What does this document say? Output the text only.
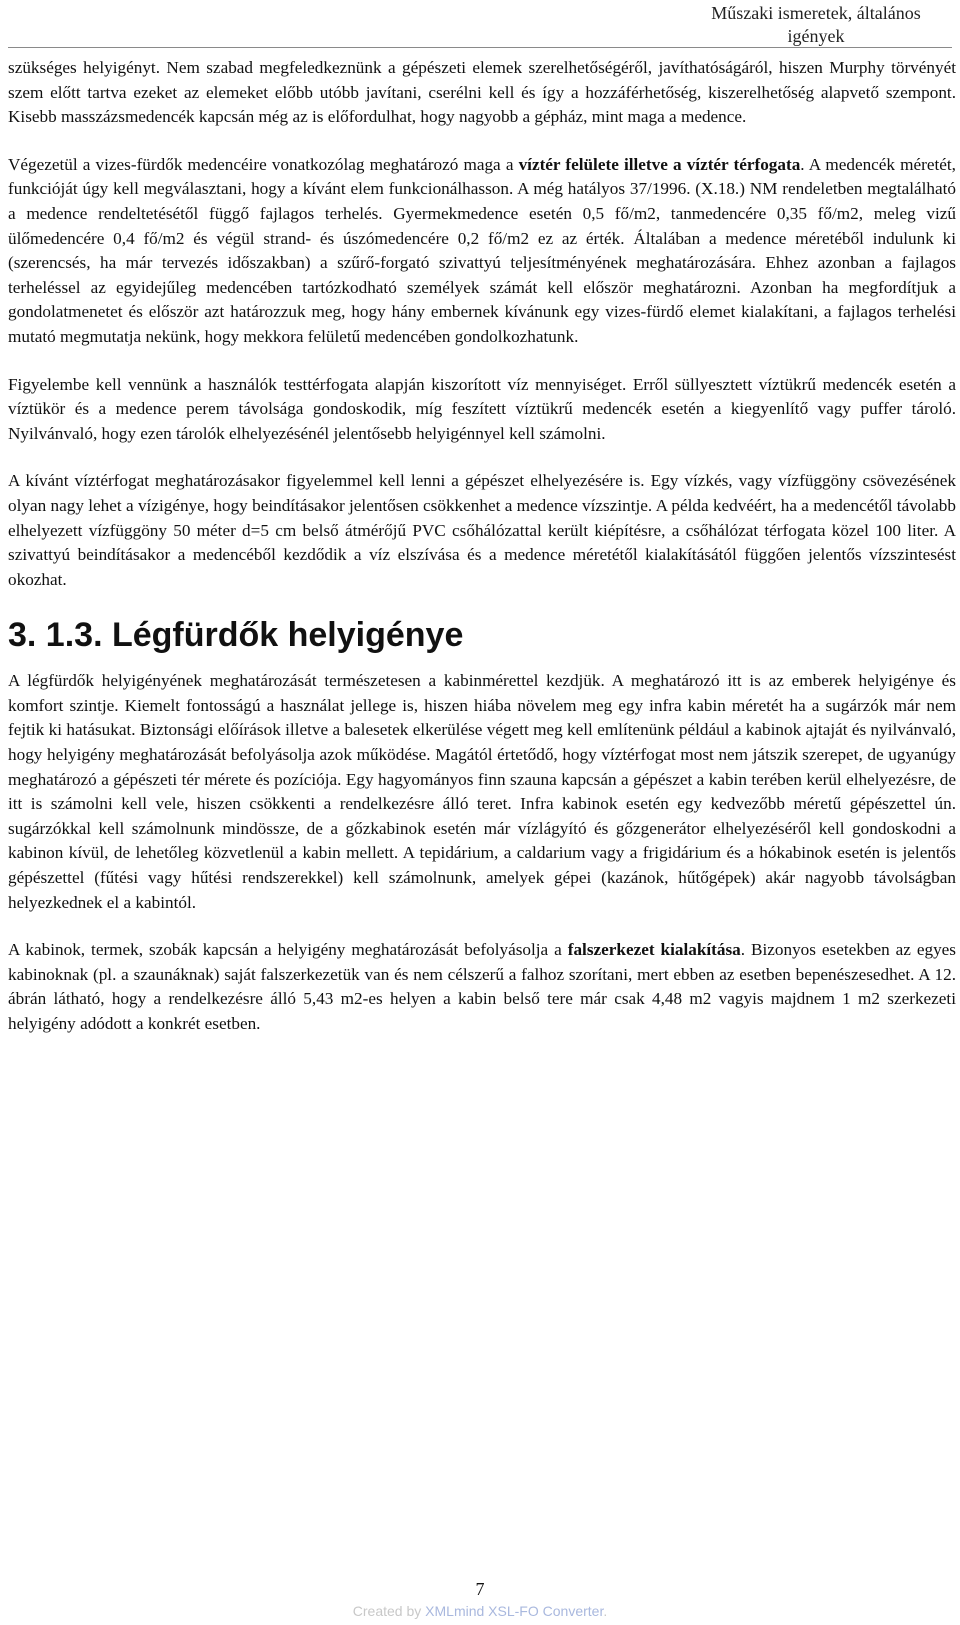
Műszaki ismeretek, általános igények

szükséges helyigényt. Nem szabad megfeledkeznünk a gépészeti elemek szerelhetőségéről, javíthatóságáról, hiszen Murphy törvényét szem előtt tartva ezeket az elemeket előbb utóbb javítani, cserélni kell és így a hozzáférhetőség, kiszerelhetőség alapvető szempont. Kisebb masszázsmedencék kapcsán még az is előfordulhat, hogy nagyobb a gépház, mint maga a medence.

Végezetül a vizes-fürdők medencéire vonatkozólag meghatározó maga a víztér felülete illetve a víztér térfogata. A medencék méretét, funkcióját úgy kell megválasztani, hogy a kívánt elem funkcionálhasson. A még hatályos 37/1996. (X.18.) NM rendeletben megtalálható a medence rendeltetésétől függő fajlagos terhelés. Gyermekmedence esetén 0,5 fő/m2, tanmedencére 0,35 fő/m2, meleg vizű ülőmedencére 0,4 fő/m2 és végül strand- és úszómedencére 0,2 fő/m2 ez az érték. Általában a medence méretéből indulunk ki (szerencsés, ha már tervezés időszakban) a szűrő-forgató szivattyú teljesítményének meghatározására. Ehhez azonban a fajlagos terheléssel az egyidejűleg medencében tartózkodható személyek számát kell először meghatározni. Azonban ha megfordítjuk a gondolatmenetet és először azt határozzuk meg, hogy hány embernek kívánunk egy vizes-fürdő elemet kialakítani, a fajlagos terhelési mutató megmutatja nekünk, hogy mekkora felületű medencében gondolkozhatunk.

Figyelembe kell vennünk a használók testtérfogata alapján kiszorított víz mennyiséget. Erről süllyesztett víztükrű medencék esetén a víztükör és a medence perem távolsága gondoskodik, míg feszített víztükrű medencék esetén a kiegyenlítő vagy puffer tároló. Nyilvánvaló, hogy ezen tárolók elhelyezésénél jelentősebb helyigénnyel kell számolni.

A kívánt víztérfogat meghatározásakor figyelemmel kell lenni a gépészet elhelyezésére is. Egy vízkés, vagy vízfüggöny csövezésének olyan nagy lehet a vízigénye, hogy beindításakor jelentősen csökkenhet a medence vízszintje. A példa kedvéért, ha a medencétől távolabb elhelyezett vízfüggöny 50 méter d=5 cm belső átmérőjű PVC csőhálózattal került kiépítésre, a csőhálózat térfogata közel 100 liter. A szivattyú beindításakor a medencéből kezdődik a víz elszívása és a medence méretétől kialakításától függően jelentős vízszintesést okozhat.

3. 1.3. Légfürdők helyigénye

A légfürdők helyigényének meghatározását természetesen a kabinmérettel kezdjük. A meghatározó itt is az emberek helyigénye és komfort szintje. Kiemelt fontosságú a használat jellege is, hiszen hiába növelem meg egy infra kabin méretét ha a sugárzók már nem fejtik ki hatásukat. Biztonsági előírások illetve a balesetek elkerülése végett meg kell említenünk például a kabinok ajtaját és nyilvánvaló, hogy helyigény meghatározását befolyásolja azok működése. Magától értetődő, hogy víztérfogat most nem játszik szerepet, de ugyanúgy meghatározó a gépészeti tér mérete és pozíciója. Egy hagyományos finn szauna kapcsán a gépészet a kabin terében kerül elhelyezésre, de itt is számolni kell vele, hiszen csökkenti a rendelkezésre álló teret. Infra kabinok esetén egy kedvezőbb méretű gépészettel ún. sugárzókkal kell számolnunk mindössze, de a gőzkabinok esetén már vízlágyító és gőzgenerátor elhelyezéséről kell gondoskodni a kabinon kívül, de lehetőleg közvetlenül a kabin mellett. A tepidárium, a caldarium vagy a frigidárium és a hókabinok esetén is jelentős gépészettel (fűtési vagy hűtési rendszerekkel) kell számolnunk, amelyek gépei (kazánok, hűtőgépek) akár nagyobb távolságban helyezkednek el a kabintól.

A kabinok, termek, szobák kapcsán a helyigény meghatározását befolyásolja a falszerkezet kialakítása. Bizonyos esetekben az egyes kabinoknak (pl. a szaunáknak) saját falszerkezetük van és nem célszerű a falhoz szorítani, mert ebben az esetben bepenészesedhet. A 12. ábrán látható, hogy a rendelkezésre álló 5,43 m2-es helyen a kabin belső tere már csak 4,48 m2 vagyis majdnem 1 m2 szerkezeti helyigény adódott a konkrét esetben.

7
Created by XMLmind XSL-FO Converter.
